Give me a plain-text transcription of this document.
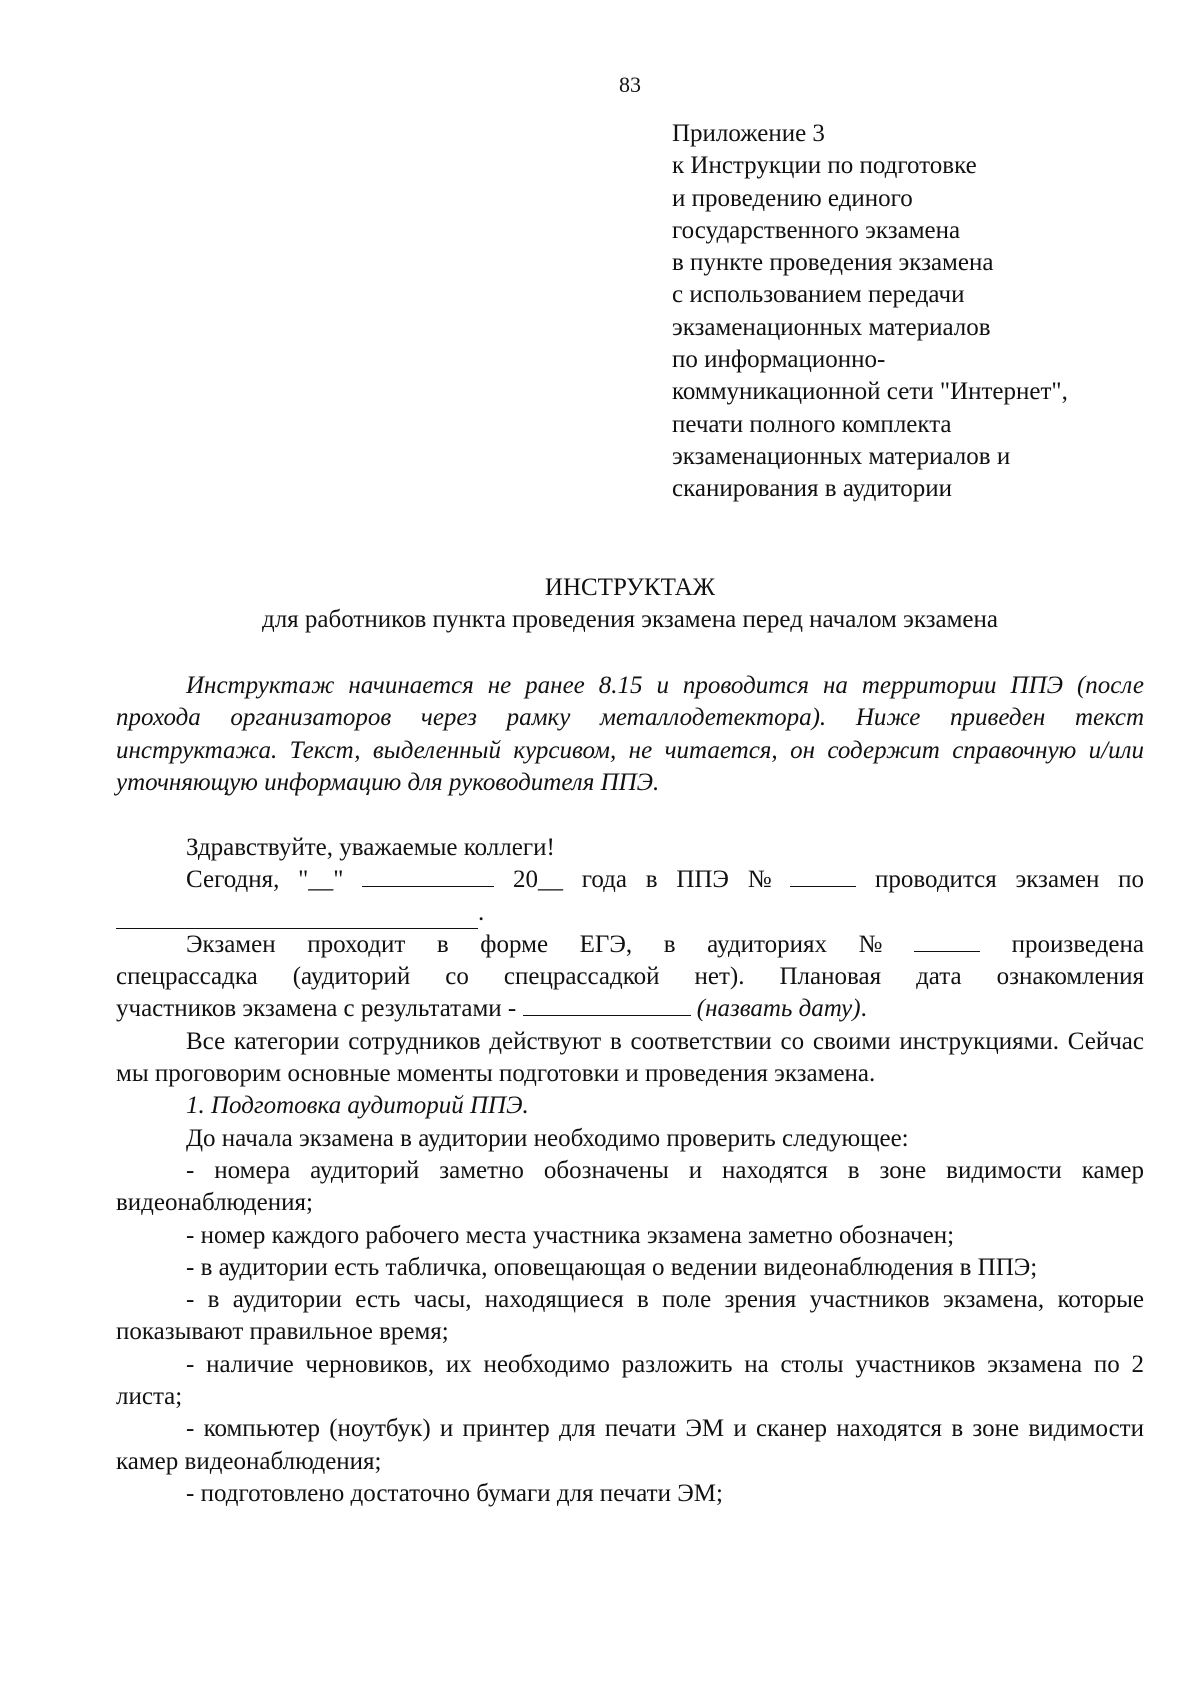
83
Приложение 3
к Инструкции по подготовке
и проведению единого
государственного экзамена
в пункте проведения экзамена
с использованием передачи
экзаменационных материалов
по информационно-
коммуникационной сети "Интернет",
печати полного комплекта
экзаменационных материалов и
сканирования в аудитории
ИНСТРУКТАЖ
для работников пункта проведения экзамена перед началом экзамена

Инструктаж начинается не ранее 8.15 и проводится на территории ППЭ (после прохода организаторов через рамку металлодетектора). Ниже приведен текст инструктажа. Текст, выделенный курсивом, не читается, он содержит справочную и/или уточняющую информацию для руководителя ППЭ.

Здравствуйте, уважаемые коллеги!

Сегодня, "__"	20__ года в ППЭ №	проводится экзамен по
.
Экзамен проходит в форме ЕГЭ, в аудиториях №	произведена
спецрассадка (аудиторий со спецрассадкой нет). Плановая дата ознакомления
участников экзамена с результатами -	(назвать дату).

Все категории сотрудников действуют в соответствии со своими инструкциями. Сейчас мы проговорим основные моменты подготовки и проведения экзамена.

1. Подготовка аудиторий ППЭ.

До начала экзамена в аудитории необходимо проверить следующее:

- номера аудиторий заметно обозначены и находятся в зоне видимости камер видеонаблюдения;

- номер каждого рабочего места участника экзамена заметно обозначен;

- в аудитории есть табличка, оповещающая о ведении видеонаблюдения в ППЭ;

- в аудитории есть часы, находящиеся в поле зрения участников экзамена, которые показывают правильное время;

- наличие черновиков, их необходимо разложить на столы участников экзамена по 2 листа;

- компьютер (ноутбук) и принтер для печати ЭМ и сканер находятся в зоне видимости камер видеонаблюдения;

- подготовлено достаточно бумаги для печати ЭМ;
